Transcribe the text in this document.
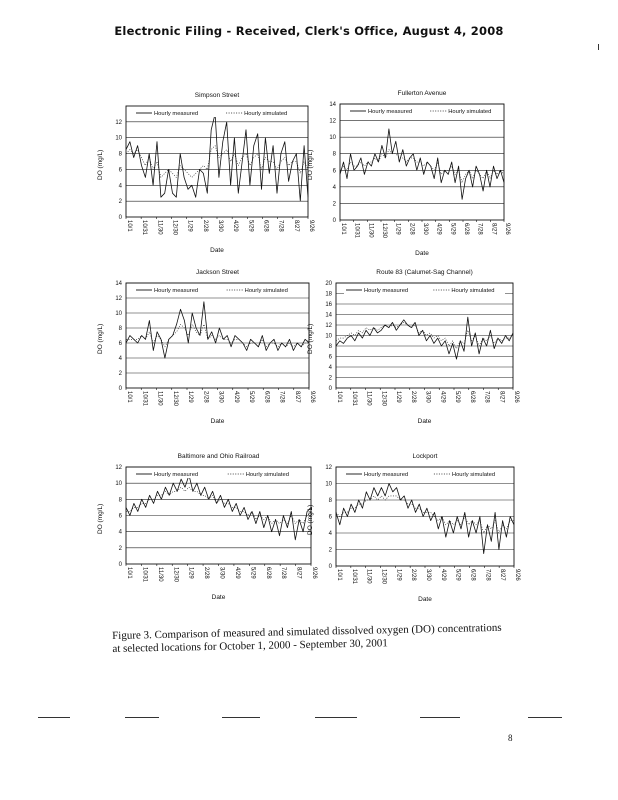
Electronic Filing - Received, Clerk's Office, August 4, 2008
Simpson Street
DO (mg/L)
Date
0
2
4
6
8
10
12
10/1 10/31 11/30 12/30 1/29 2/28 3/30 4/29 5/29 6/28 7/28 8/27 9/26
Hourly measured	Hourly simulated
Fullerton Avenue
DO (mg/L)
Date
0
2
4
6
8
10
12
14
10/1 10/31 11/30 12/30 1/29 2/28 3/30 4/29 5/29 6/28 7/28 8/27 9/26
Hourly measured	Hourly simulated
Jackson Street
DO (mg/L)
Date
0
2
4
6
8
10
12
14
10/1 10/31 11/30 12/30 1/29 2/28 3/30 4/29 5/29 6/28 7/28 8/27 9/26
Hourly measured	Hourly simulated
Route 83 (Calumet-Sag Channel)
DO (mg/L)
Date
0
2
4
6
8
10
12
14
16
18
20
10/1 10/31 11/30 12/30 1/29 2/28 3/30 4/29 5/29 6/28 7/28 8/27 9/26
Hourly measured	Hourly simulated
Baltimore and Ohio Railroad
DO (mg/L)
Date
0
2
4
6
8
10
12
10/1 10/31 11/30 12/30 1/29 2/28 3/30 4/29 5/29 6/28 7/28 8/27 9/26
Hourly measured	Hourly simulated
Lockport
DO (mg/L)
Date
0
2
4
6
8
10
12
10/1 10/31 11/30 12/30 1/29 2/28 3/30 4/29 5/29 6/28 7/28 8/27 9/26
Hourly measured	Hourly simulated
Figure 3. Comparison of measured and simulated dissolved oxygen (DO) concentrations
at selected locations for October 1, 2000 - September 30, 2001
8
